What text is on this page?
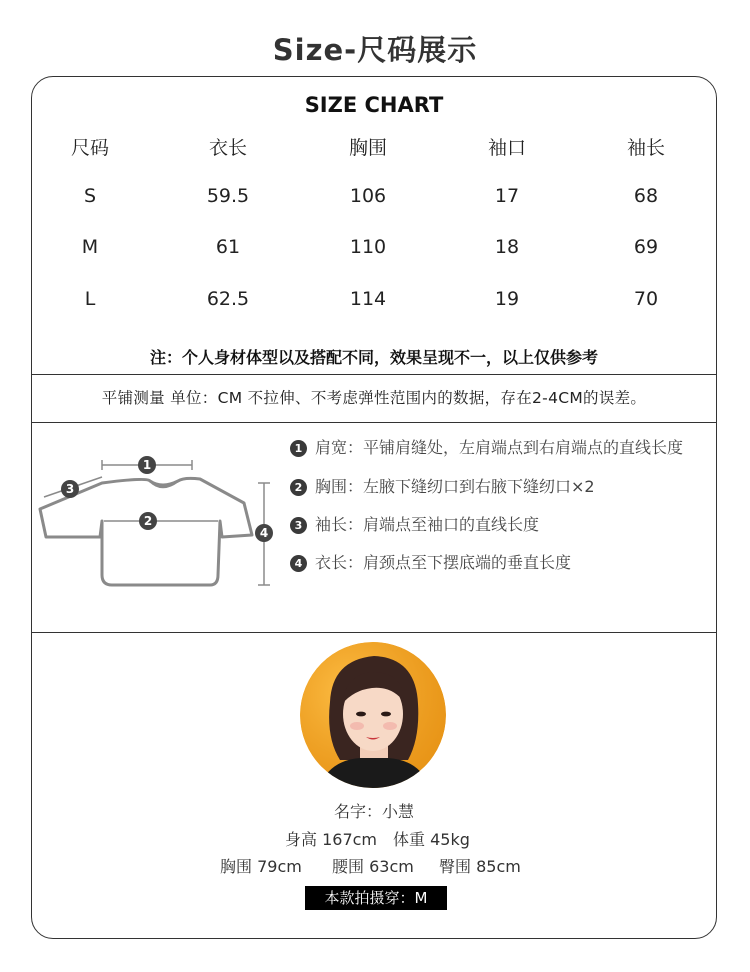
Size-尺码展示
SIZE CHART
尺码	衣长	胸围	袖口	袖长
S	59.5	106	17	68
M	61	110	18	69
L	62.5	114	19	70
注：个人身材体型以及搭配不同，效果呈现不一，以上仅供参考
平铺测量 单位：CM 不拉伸、不考虑弹性范围内的数据，存在2-4CM的误差。
1
3
2
4
1 肩宽：平铺肩缝处，左肩端点到右肩端点的直线长度
2 胸围：左腋下缝纫口到右腋下缝纫口×2
3 袖长：肩端点至袖口的直线长度
4 衣长：肩颈点至下摆底端的垂直长度
名字：小慧
身高 167cm 体重 45kg
胸围 79cm 腰围 63cm 臀围 85cm
本款拍摄穿：M
